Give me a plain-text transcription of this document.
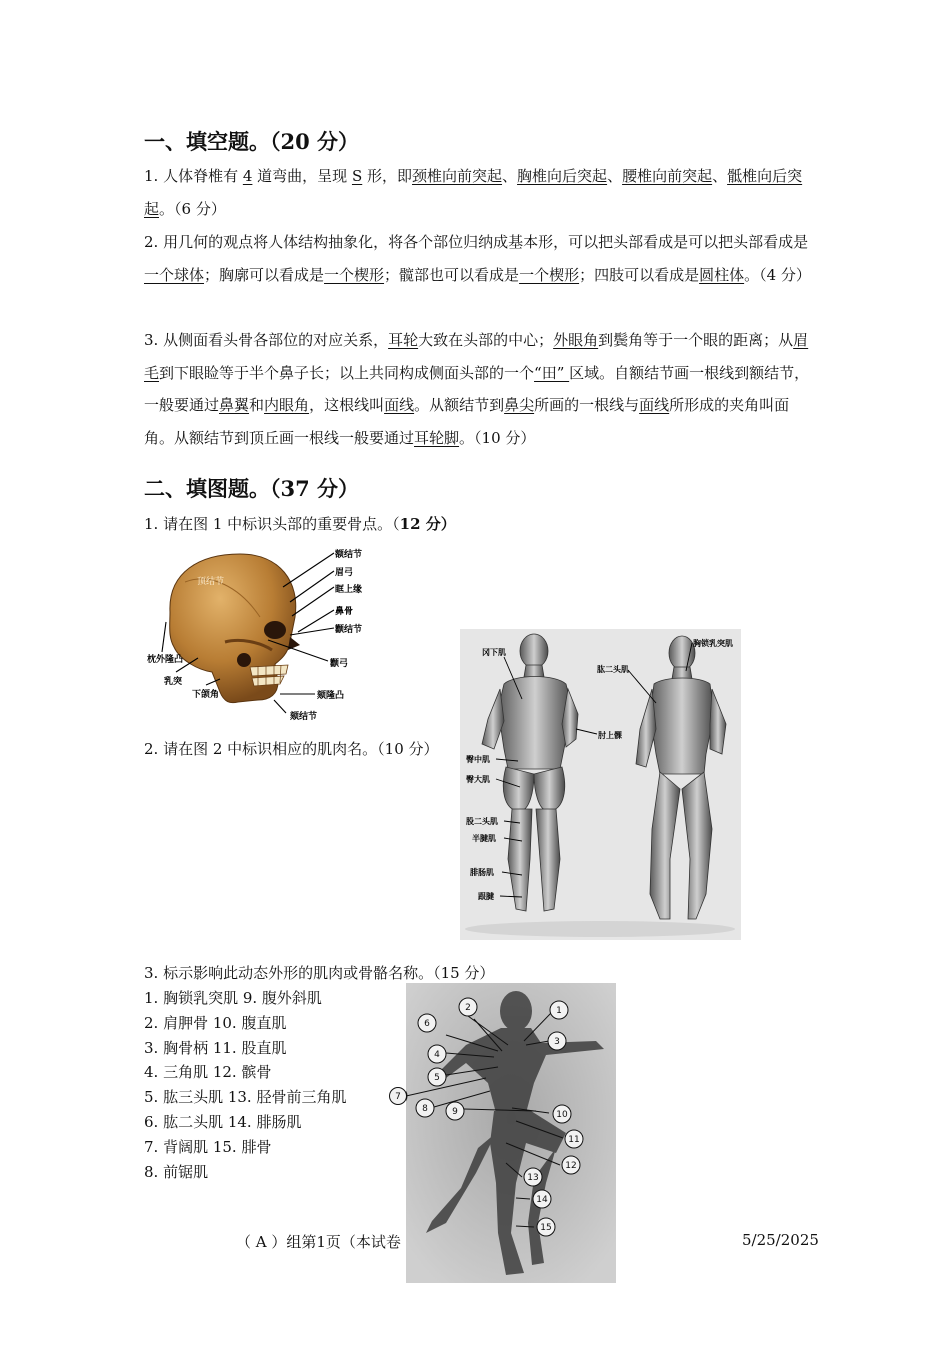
一、填空题。（20 分）
1. 人体脊椎有 4 道弯曲，呈现 S 形，即颈椎向前突起、胸椎向后突起、腰椎向前突起、骶椎向后突起。（6 分）
2. 用几何的观点将人体结构抽象化，将各个部位归纳成基本形，可以把头部看成是可以把头部看成是一个球体；胸廓可以看成是一个楔形；髋部也可以看成是一个楔形；四肢可以看成是圆柱体。（4 分）
3. 从侧面看头骨各部位的对应关系，耳轮大致在头部的中心；外眼角到鬓角等于一个眼的距离；从眉毛到下眼睑等于半个鼻子长；以上共同构成侧面头部的一个“田” 区域。自额结节画一根线到额结节，一般要通过鼻翼和内眼角，这根线叫面线。从额结节到鼻尖所画的一根线与面线所形成的夹角叫面角。从额结节到顶丘画一根线一般要通过耳轮脚。（10 分）
二、填图题。（37 分）
1. 请在图 1 中标识头部的重要骨点。（12 分）
顶结节
额结节
眉弓
眶上缘
鼻骨
颧结节
颧弓
颏隆凸
颏结节
枕外隆凸
乳突
下颌角
2. 请在图 2 中标识相应的肌肉名。（10 分）
冈下肌
胸锁乳突肌
肱二头肌
肘上髁
臀中肌
臀大肌
股二头肌
半腱肌
腓肠肌
跟腱
3. 标示影响此动态外形的肌肉或骨骼名称。（15 分）
1. 胸锁乳突肌 9. 腹外斜肌
2. 肩胛骨 10. 腹直肌
3. 胸骨柄 11. 股直肌
4. 三角肌 12. 髌骨
5. 肱三头肌 13. 胫骨前三角肌
6. 肱二头肌 14. 腓肠肌
7. 背阔肌 15. 腓骨
8. 前锯肌
（ A ）组第1页（本试卷	5/25/2025
1
2
3
4
5
6
8	9	10
11
12
13
14
15
7
